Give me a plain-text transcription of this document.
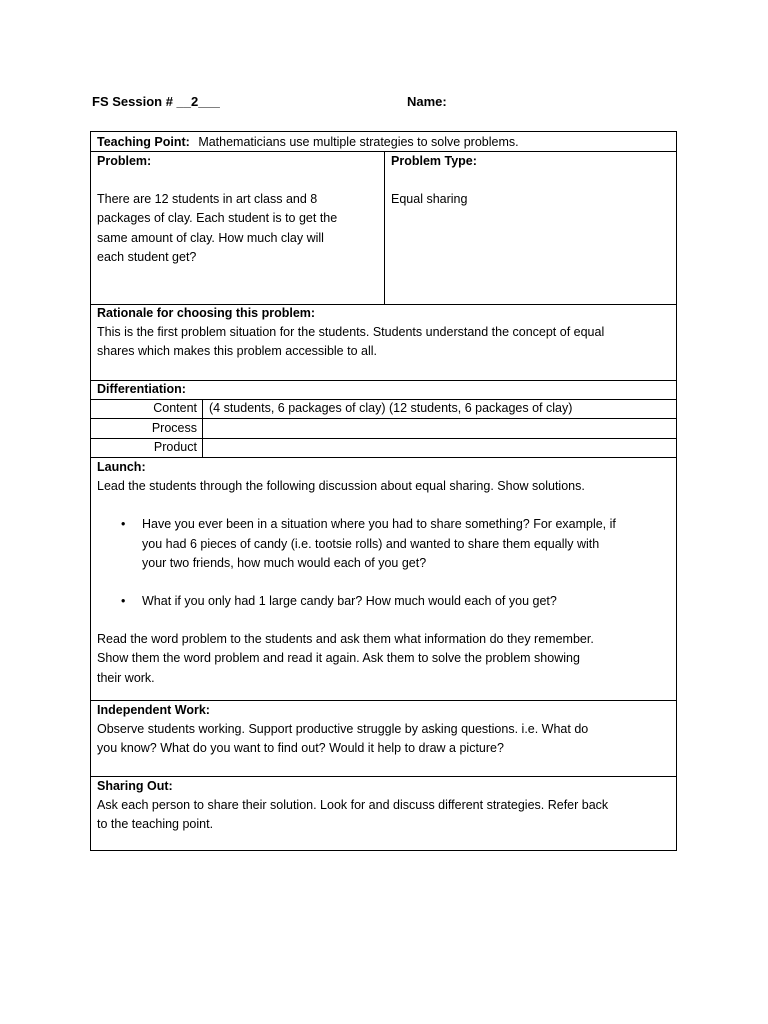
FS Session # __2___	Name:
Teaching Point: Mathematicians use multiple strategies to solve problems.
Problem:

There are 12 students in art class and 8

packages of clay. Each student is to get the

same amount of clay. How much clay will

each student get?

Problem Type:

Equal sharing

Rationale for choosing this problem:

This is the first problem situation for the students. Students understand the concept of equal

shares which makes this problem accessible to all.

Differentiation:
Content (4 students, 6 packages of clay) (12 students, 6 packages of clay)
Process
Product
Launch:

Lead the students through the following discussion about equal sharing. Show solutions.

• Have you ever been in a situation where you had to share something? For example, if

you had 6 pieces of candy (i.e. tootsie rolls) and wanted to share them equally with

your two friends, how much would each of you get?

• What if you only had 1 large candy bar? How much would each of you get?

Read the word problem to the students and ask them what information do they remember.

Show them the word problem and read it again. Ask them to solve the problem showing

their work.

Independent Work:

Observe students working. Support productive struggle by asking questions. i.e. What do

you know? What do you want to find out? Would it help to draw a picture?

Sharing Out:

Ask each person to share their solution. Look for and discuss different strategies. Refer back

to the teaching point.
